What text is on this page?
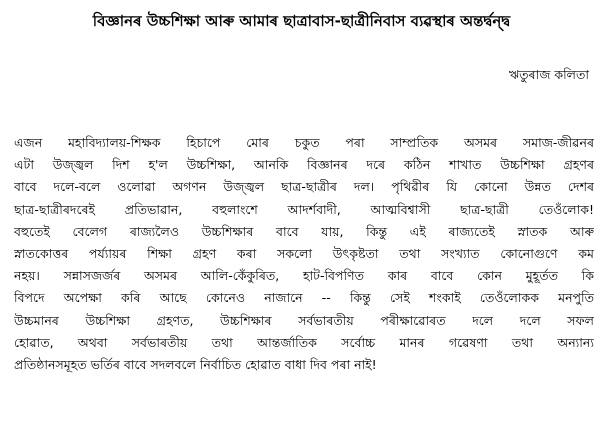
বিজ্ঞানৰ উচ্চশিক্ষা আৰু আমাৰ ছাত্ৰাবাস-ছাত্ৰীনিবাস ব্যৱস্থাৰ অন্তৰ্দ্বন্দ্ব
ঋতুৰাজ কলিতা
এজন মহাবিদ্যালয়-শিক্ষক হিচাপে মোৰ চকুত পৰা সাম্প্ৰতিক অসমৰ সমাজ-জীৱনৰ
এটা উজ্জ্বল দিশ হ'ল উচ্চশিক্ষা, আনকি বিজ্ঞানৰ দৰে কঠিন শাখাত উচ্চশিক্ষা গ্ৰহণৰ
বাবে দলে-বলে ওলোৱা অগণন উজ্জ্বল ছাত্ৰ-ছাত্ৰীৰ দল। পৃথিৱীৰ যি কোনো উন্নত দেশৰ
ছাত্ৰ-ছাত্ৰীৰদৰেই প্ৰতিভাৱান, বহুলাংশে আদৰ্শবাদী, আত্মবিশ্বাসী ছাত্ৰ-ছাত্ৰী তেওঁলোক!
বহুতেই বেলেগ ৰাজ্যলৈও উচ্চশিক্ষাৰ বাবে যায়, কিন্তু এই ৰাজ্যতেই স্নাতক আৰু
স্নাতকোত্তৰ পৰ্য্যায়ৰ শিক্ষা গ্ৰহণ কৰা সকলো উৎকৃষ্টতা তথা সংখ্যাত কোনোগুণে কম
নহয়। সন্নাসজৰ্জৰ অসমৰ আলি-কেঁকুৰিত, হাট-বিপণিত কাৰ বাবে কোন মুহূৰ্তত কি
বিপদে অপেক্ষা কৰি আছে কোনেও নাজানে -- কিন্তু সেই শংকাই তেওঁলোকক মনপুতি
উচ্চমানৰ উচ্চশিক্ষা গ্ৰহণত, উচ্চশিক্ষাৰ সৰ্বভাৰতীয় পৰীক্ষাৱোৰত দলে দলে সফল
হোৱাত, অথবা সৰ্বভাৰতীয় তথা আন্তৰ্জাতিক সৰ্বোচ্চ মানৰ গৱেষণা তথা অন্যান্য
প্ৰতিষ্ঠানসমূহত ভৰ্তিৰ বাবে সদলবলে নিৰ্বাচিত হোৱাত বাধা দিব পৰা নাই!
